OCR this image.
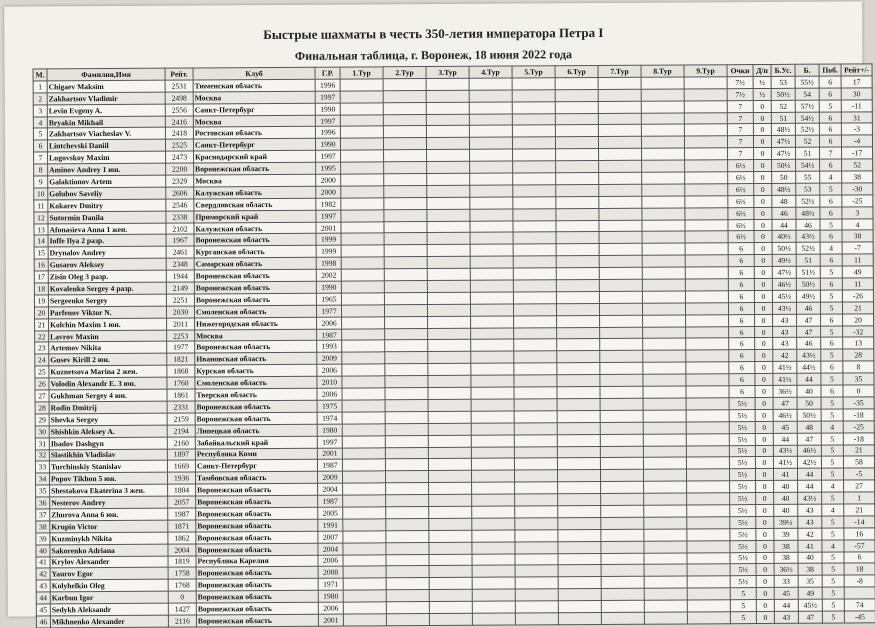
Быстрые шахматы в честь 350-летия императора Петра I
Финальная таблица, г. Воронеж, 18 июня 2022 года
М.	Фамилия,Имя	Рейт.	Клуб	Г.Р.	1.Тур	2.Тур	3.Тур	4.Тур	5.Тур	6.Тур	7.Тур	8.Тур	9.Тур	Очки	Д/п	Б.Ус.	Б.	Поб.	Рейт+/-
1	Chigaev Maksim	2531	Тюменская область	1996										7½	½	53	55½	6	17
2	Zakhartsov Vladimir	2498	Москва	1997										7½	½	50½	54	6	30
3	Levin Evgeny A.	2556	Санкт-Петербург	1990										7	0	52	57½	5	-11
4	Bryakin Mikhail	2416	Москва	1997										7	0	51	54½	6	31
5	Zakhartsov Viacheslav V.	2418	Ростовская область	1996										7	0	48½	52½	6	-3
6	Lintchevski Daniil	2525	Санкт-Петербург	1990										7	0	47½	52	6	-4
7	Lugovskoy Maxim	2473	Краснодарский край	1997										7	0	47½	51	7	-17
8	Aminov Andrey 1 юн.	2200	Воронежская область	1995										6½	0	50½	54½	6	52
9	Galaktionov Artem	2329	Москва	2000										6½	0	50	55	4	38
10	Golubov Saveliy	2606	Калужская область	2000										6½	0	48½	53	5	-30
11	Kokarev Dmitry	2546	Свердловская область	1982										6½	0	48	52½	6	-25
12	Sutormin Danila	2338	Приморский край	1997										6½	0	46	48½	6	3
13	Afonasieva Anna 1 жен.	2102	Калужская область	2001										6½	0	44	46	5	4
14	Ioffe Ilya 2 разр.	1967	Воронежская область	1999										6½	0	40½	43½	6	38
15	Drynalov Andrey	2461	Курганская область	1999										6	0	50½	52½	4	-7
16	Gusarov Aleksey	2348	Самарская область	1998										6	0	49½	51	6	11
17	Zisin Oleg 3 разр.	1944	Воронежская область	2002										6	0	47½	51½	5	49
18	Kovalenko Sergey 4 разр.	2149	Воронежская область	1990										6	0	46½	50½	6	11
19	Sergeenko Sergey	2251	Воронежская область	1965										6	0	45½	49½	5	-26
20	Parfenov Viktor N.	2030	Смоленская область	1977										6	0	43½	46	5	21
21	Kolchin Maxim 1 юн.	2011	Нижегородская область	2006										6	0	43	47	6	20
22	Lavrov Maxim	2253	Москва	1987										6	0	43	47	5	-32
23	Artemov Nikita	1977	Воронежская область	1993										6	0	43	46	6	13
24	Gusev Kirill 2 юн.	1821	Ивановская область	2009										6	0	42	43½	5	28
25	Kuznetsova Marina 2 жен.	1868	Курская область	2006										6	0	41½	44½	6	8
26	Volodin Alexandr E. 3 юн.	1760	Смоленская область	2010										6	0	41½	44	5	35
27	Gukhman Sergey 4 юн.	1861	Тверская область	2006										6	0	36½	40	6	0
28	Rodin Dmitrij	2331	Воронежская область	1975										5½	0	47	50	5	-35
29	Shevka Sergey	2159	Воронежская область	1974										5½	0	46½	50½	5	-18
30	Shishkin Aleksey A.	2194	Липецкая область	1980										5½	0	45	48	4	-25
31	Ibadov Dashgyn	2160	Забайкальский край	1997										5½	0	44	47	5	-18
32	Slastikhin Vladislav	1897	Республика Коми	2001										5½	0	43½	46½	5	21
33	Turchinskiy Stanislav	1669	Санкт-Петербург	1987										5½	0	41½	42½	5	58
34	Popov Tikhon 5 юн.	1936	Тамбовская область	2009										5½	0	41	44	5	-5
35	Shestakova Ekaterina 3 жен.	1804	Воронежская область	2004										5½	0	40	44	4	27
36	Nesterov Andrey	2057	Воронежская область	1987										5½	0	40	43½	5	1
37	Zhurova Anna 6 юн.	1987	Воронежская область	2005										5½	0	40	43	4	21
38	Krupin Victor	1871	Воронежская область	1991										5½	0	39½	43	5	-14
39	Kuzminykh Nikita	1862	Воронежская область	2007										5½	0	39	42	5	16
40	Sakorenko Adriana	2004	Воронежская область	2004										5½	0	38	41	4	-57
41	Krylov Alexander	1819	Республика Карелия	2006										5½	0	38	40	5	6
42	Yaurov Egor	1758	Воронежская область	2008										5½	0	36½	38	5	18
43	Kolyhelkin Oleg	1768	Воронежская область	1971										5½	0	33	35	5	-8
44	Karbun Igor	0	Воронежская область	1980										5	0	45	49	5	
45	Sedykh Aleksandr	1427	Воронежская область	2006										5	0	44	45½	5	74
46	Mikhnenko Alexander	2116	Воронежская область	2001										5	0	43	47	5	-45
